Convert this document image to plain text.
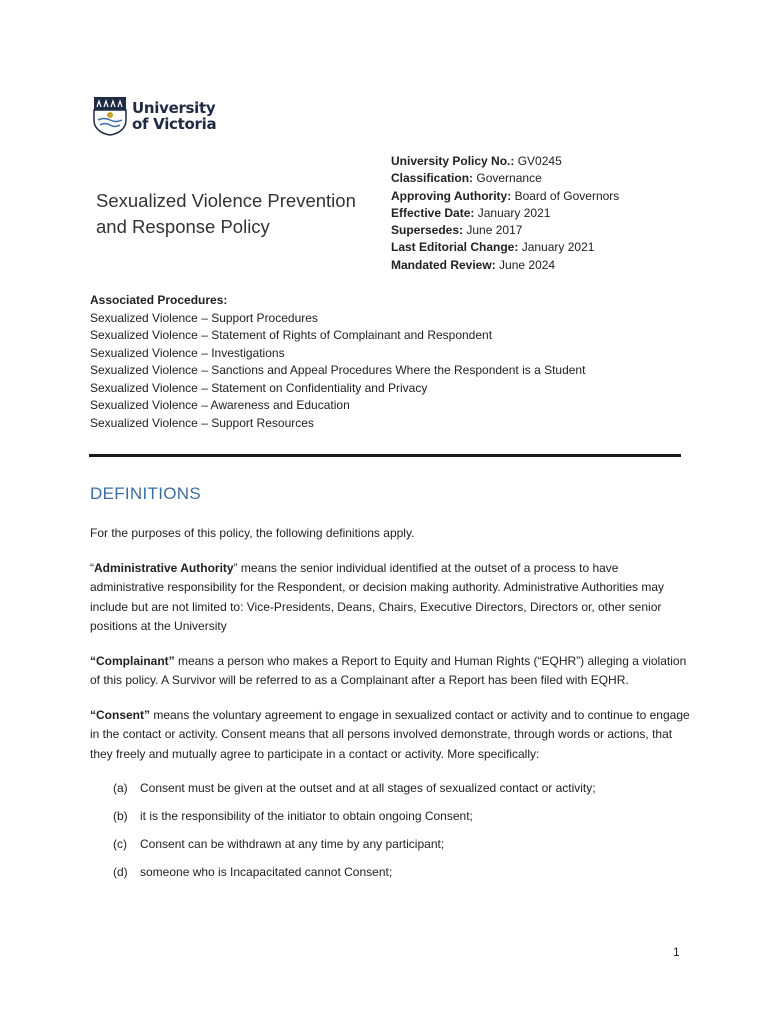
University
of Victoria
Sexualized Violence Prevention and Response Policy
University Policy No.: GV0245
Classification: Governance
Approving Authority: Board of Governors
Effective Date: January 2021
Supersedes: June 2017
Last Editorial Change: January 2021
Mandated Review: June 2024
Associated Procedures:
Sexualized Violence – Support Procedures
Sexualized Violence – Statement of Rights of Complainant and Respondent
Sexualized Violence – Investigations
Sexualized Violence – Sanctions and Appeal Procedures Where the Respondent is a Student
Sexualized Violence – Statement on Confidentiality and Privacy
Sexualized Violence – Awareness and Education
Sexualized Violence – Support Resources
DEFINITIONS

For the purposes of this policy, the following definitions apply.

“Administrative Authority” means the senior individual identified at the outset of a process to have administrative responsibility for the Respondent, or decision making authority. Administrative Authorities may include but are not limited to: Vice-Presidents, Deans, Chairs, Executive Directors, Directors or, other senior positions at the University

“Complainant” means a person who makes a Report to Equity and Human Rights (“EQHR”) alleging a violation of this policy. A Survivor will be referred to as a Complainant after a Report has been filed with EQHR.

“Consent” means the voluntary agreement to engage in sexualized contact or activity and to continue to engage in the contact or activity. Consent means that all persons involved demonstrate, through words or actions, that they freely and mutually agree to participate in a contact or activity. More specifically:

(a)	Consent must be given at the outset and at all stages of sexualized contact or activity;
(b)	it is the responsibility of the initiator to obtain ongoing Consent;
(c)	Consent can be withdrawn at any time by any participant;
(d)	someone who is Incapacitated cannot Consent;
1
